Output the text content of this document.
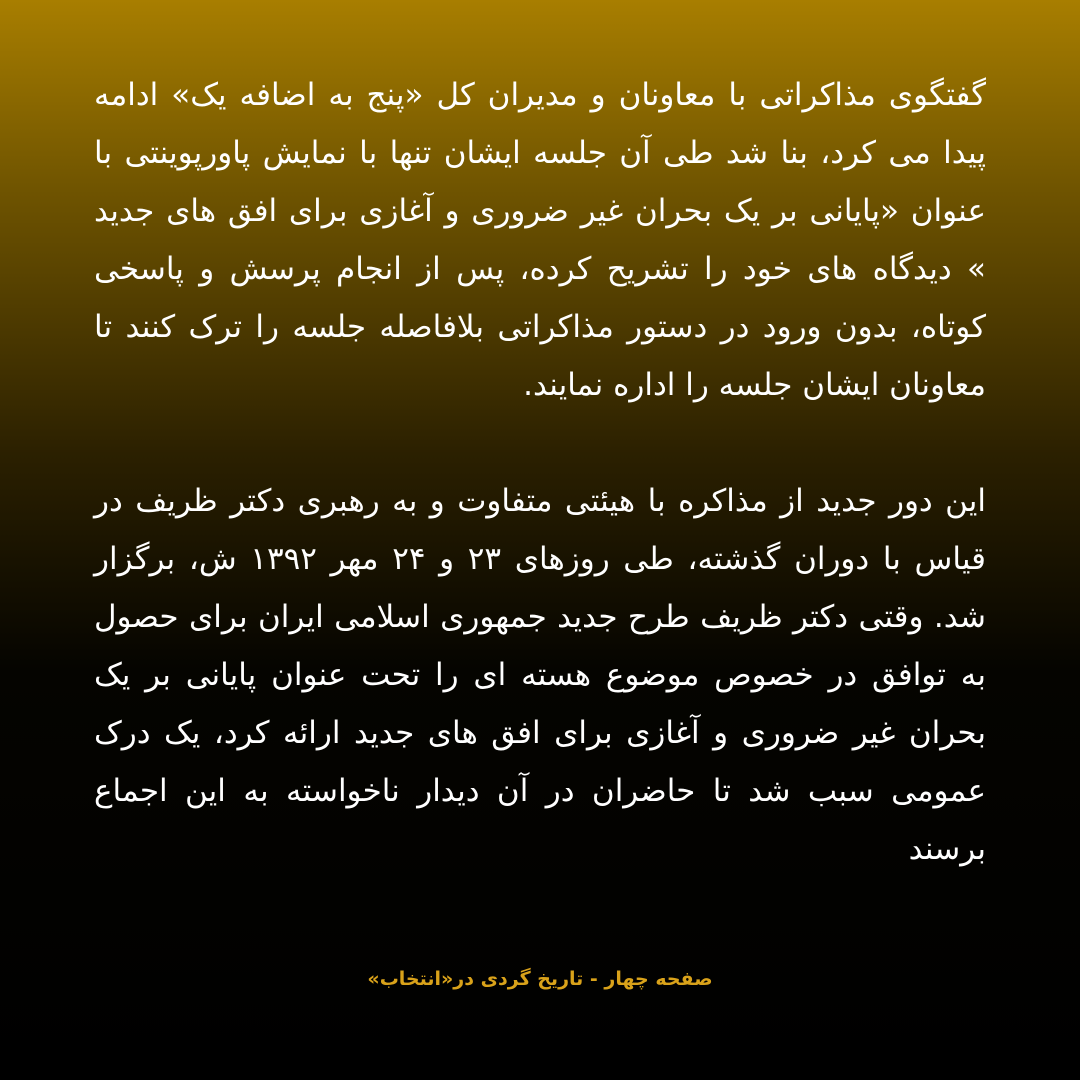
گفتگوی مذاکراتی با معاونان و مدیران کل «پنج به اضافه یک» ادامه پیدا می کرد، بنا شد طی آن جلسه ایشان تنها با نمایش پاورپوینتی با عنوان «پایانی بر یک بحران غیر ضروری و آغازی برای افق های جدید » دیدگاه های خود را تشریح کرده، پس از انجام پرسش و پاسخی کوتاه، بدون ورود در دستور مذاکراتی بلافاصله جلسه را ترک کنند تا معاونان ایشان جلسه را اداره نمایند.

این دور جدید از مذاکره با هیئتی متفاوت و به رهبری دکتر ظریف در قیاس با دوران گذشته، طی روزهای ۲۳ و ۲۴ مهر ۱۳۹۲ ش، برگزار شد. وقتی دکتر ظریف طرح جدید جمهوری اسلامی ایران برای حصول به توافق در خصوص موضوع هسته ای را تحت عنوان پایانی بر یک بحران غیر ضروری و آغازی برای افق های جدید ارائه کرد، یک درک عمومی سبب شد تا حاضران در آن دیدار ناخواسته به این اجماع برسند

صفحه چهار - تاریخ گردی در«انتخاب»
